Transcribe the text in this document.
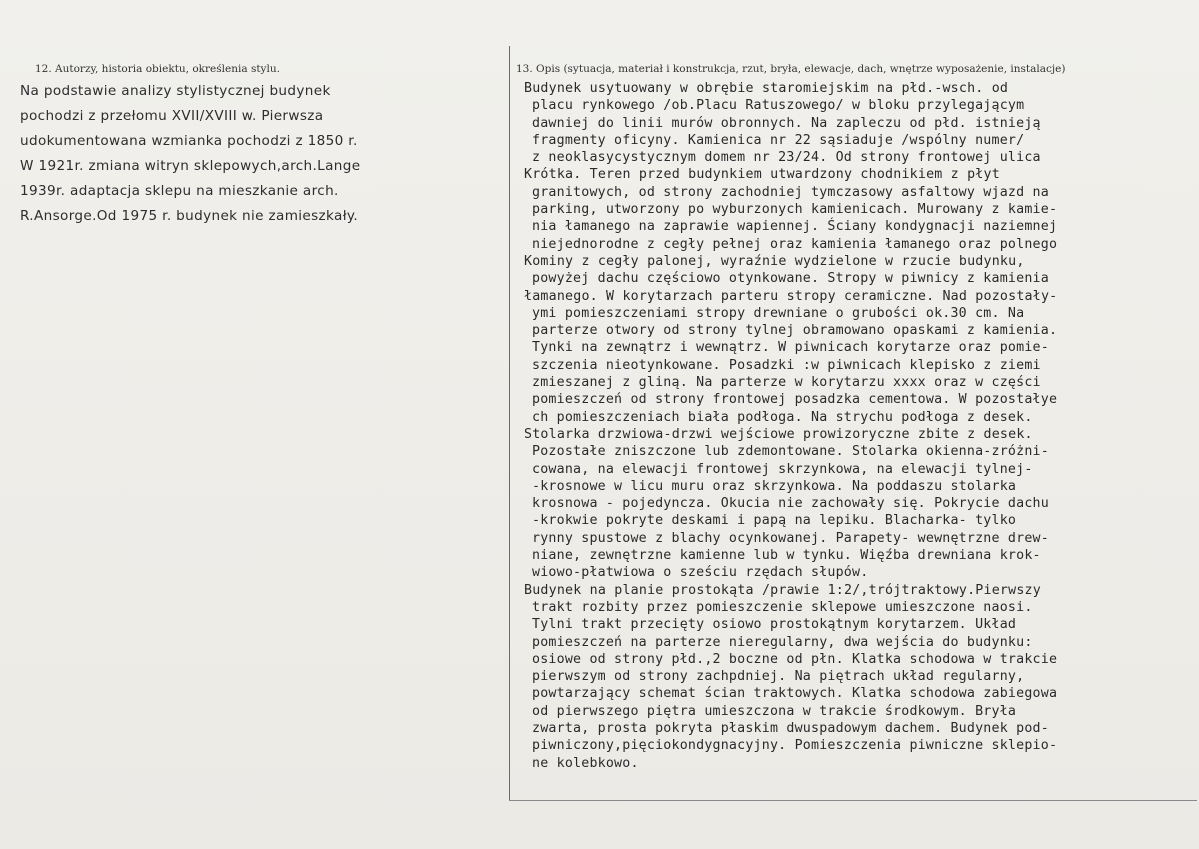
12. Autorzy, historia obiektu, określenia stylu.	13. Opis (sytuacja, materiał i konstrukcja, rzut, bryła, elewacje, dach, wnętrze wyposażenie, instalacje)
Na podstawie analizy stylistycznej budynek
pochodzi z przełomu XVII/XVIII w. Pierwsza
udokumentowana wzmianka pochodzi z 1850 r.
W 1921r. zmiana witryn sklepowych,arch.Lange
1939r. adaptacja sklepu na mieszkanie arch.
R.Ansorge.Od 1975 r. budynek nie zamieszkały.
Budynek usytuowany w obrębie staromiejskim na płd.-wsch. od
placu rynkowego /ob.Placu Ratuszowego/ w bloku przylegającym
dawniej do linii murów obronnych. Na zapleczu od płd. istnieją
fragmenty oficyny. Kamienica nr 22 sąsiaduje /wspólny numer/
z neoklasycystycznym domem nr 23/24. Od strony frontowej ulica
Krótka. Teren przed budynkiem utwardzony chodnikiem z płyt
granitowych, od strony zachodniej tymczasowy asfaltowy wjazd na
parking, utworzony po wyburzonych kamienicach. Murowany z kamie-
nia łamanego na zaprawie wapiennej. Ściany kondygnacji naziemnej
niejednorodne z cegły pełnej oraz kamienia łamanego oraz polnego
Kominy z cegły palonej, wyraźnie wydzielone w rzucie budynku,
powyżej dachu częściowo otynkowane. Stropy w piwnicy z kamienia
łamanego. W korytarzach parteru stropy ceramiczne. Nad pozostały-
ymi pomieszczeniami stropy drewniane o grubości ok.30 cm. Na
parterze otwory od strony tylnej obramowano opaskami z kamienia.
Tynki na zewnątrz i wewnątrz. W piwnicach korytarze oraz pomie-
szczenia nieotynkowane. Posadzki :w piwnicach klepisko z ziemi
zmieszanej z gliną. Na parterze w korytarzu xxxx oraz w części
pomieszczeń od strony frontowej posadzka cementowa. W pozostałye
ch pomieszczeniach biała podłoga. Na strychu podłoga z desek.
Stolarka drzwiowa-drzwi wejściowe prowizoryczne zbite z desek.
Pozostałe zniszczone lub zdemontowane. Stolarka okienna-zróżni-
cowana, na elewacji frontowej skrzynkowa, na elewacji tylnej-
-krosnowe w licu muru oraz skrzynkowa. Na poddaszu stolarka
krosnowa - pojedyncza. Okucia nie zachowały się. Pokrycie dachu
-krokwie pokryte deskami i papą na lepiku. Blacharka- tylko
rynny spustowe z blachy ocynkowanej. Parapety- wewnętrzne drew-
niane, zewnętrzne kamienne lub w tynku. Więźba drewniana krok-
wiowo-płatwiowa o sześciu rzędach słupów.
Budynek na planie prostokąta /prawie 1:2/,trójtraktowy.Pierwszy
trakt rozbity przez pomieszczenie sklepowe umieszczone naosi.
Tylni trakt przecięty osiowo prostokątnym korytarzem. Układ
pomieszczeń na parterze nieregularny, dwa wejścia do budynku:
osiowe od strony płd.,2 boczne od płn. Klatka schodowa w trakcie
pierwszym od strony zachpdniej. Na piętrach układ regularny,
powtarzający schemat ścian traktowych. Klatka schodowa zabiegowa
od pierwszego piętra umieszczona w trakcie środkowym. Bryła
zwarta, prosta pokryta płaskim dwuspadowym dachem. Budynek pod-
piwniczony,pięciokondygnacyjny. Pomieszczenia piwniczne sklepio-
ne kolebkowo.
